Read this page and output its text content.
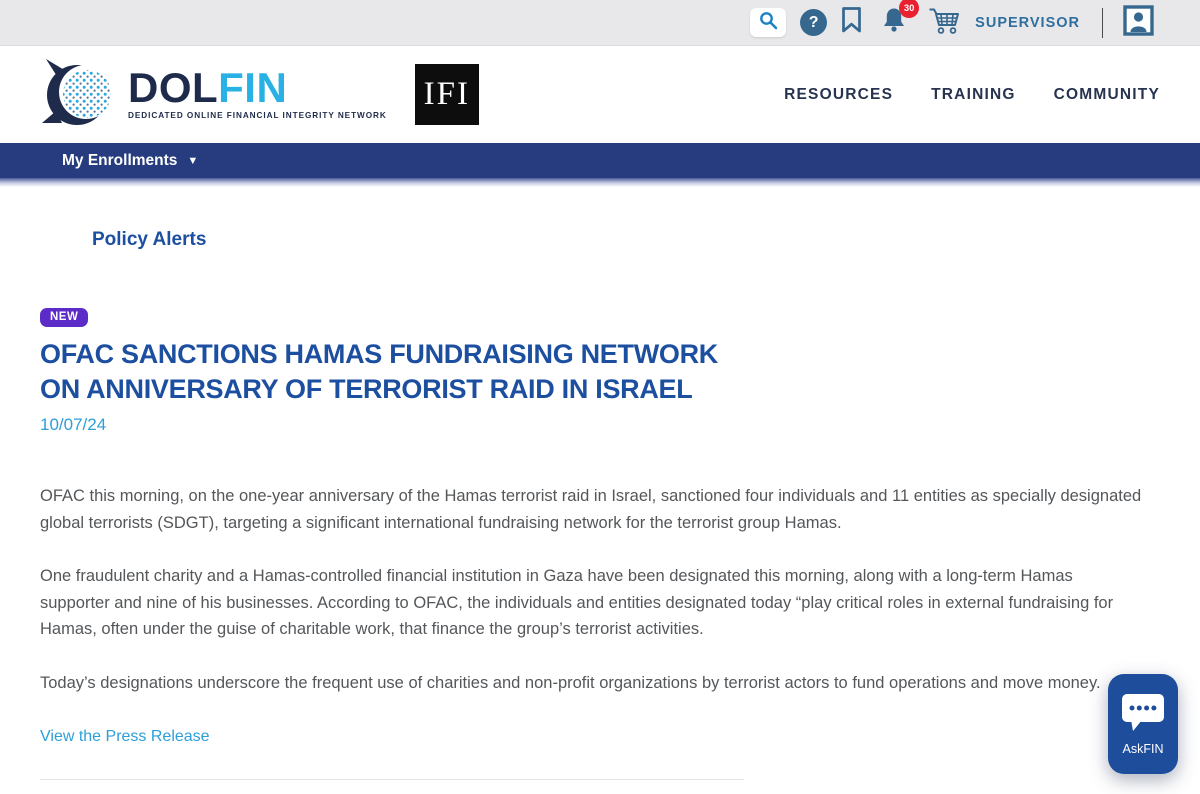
?
30
SUPERVISOR
DOLFIN
DEDICATED ONLINE FINANCIAL INTEGRITY NETWORK
IFI	RESOURCES TRAINING COMMUNITY
My Enrollments ▼
Policy Alerts
NEW
OFAC SANCTIONS HAMAS FUNDRAISING NETWORK ON ANNIVERSARY OF TERRORIST RAID IN ISRAEL
10/07/24

OFAC this morning, on the one-year anniversary of the Hamas terrorist raid in Israel, sanctioned four individuals and 11 entities as specially designated global terrorists (SDGT), targeting a significant international fundraising network for the terrorist group Hamas.

One fraudulent charity and a Hamas-controlled financial institution in Gaza have been designated this morning, along with a long-term Hamas supporter and nine of his businesses. According to OFAC, the individuals and entities designated today “play critical roles in external fundraising for Hamas, often under the guise of charitable work, that finance the group’s terrorist activities.

Today’s designations underscore the frequent use of charities and non-profit organizations by terrorist actors to fund operations and move money.

View the Press Release
AskFIN
